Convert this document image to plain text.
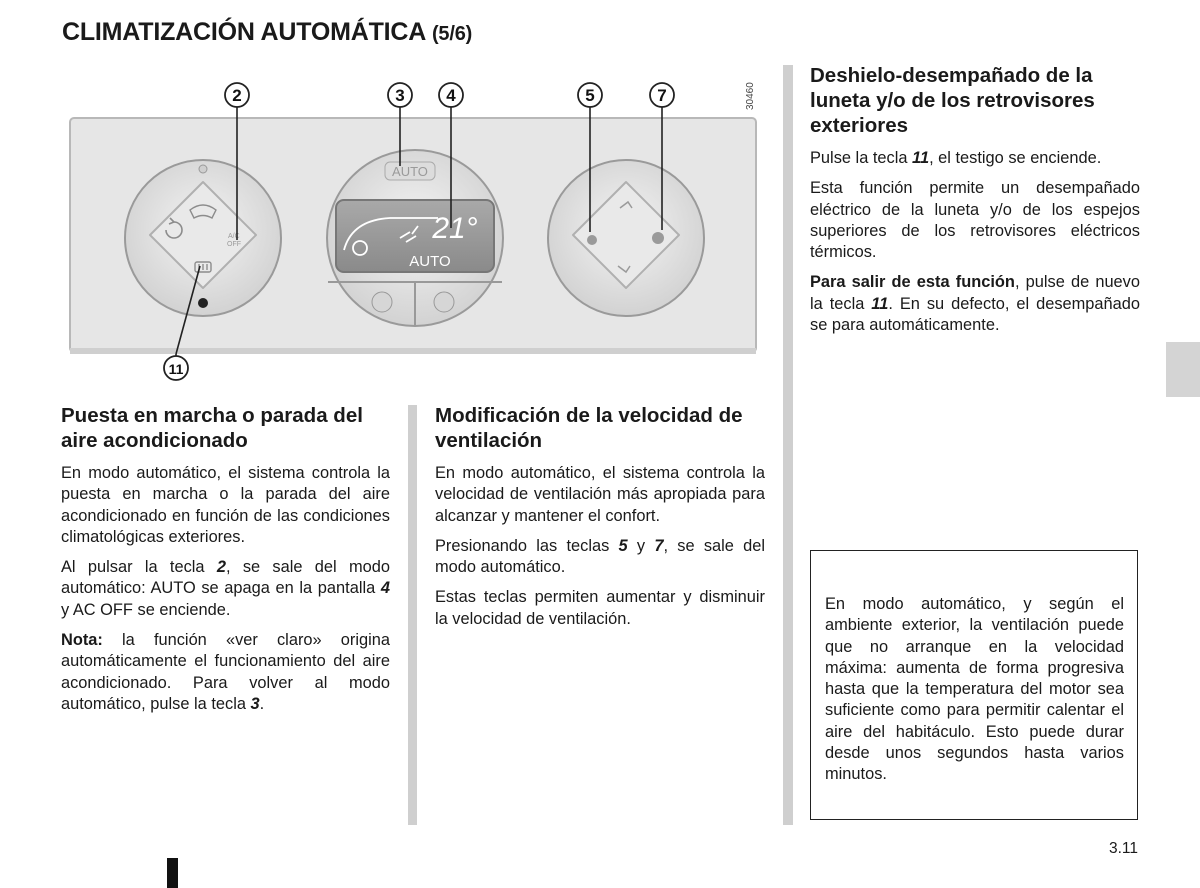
CLIMATIZACIÓN AUTOMÁTICA (5/6)
A/C
OFF
AUTO
21°
AUTO
2	3 4	5	7
11
30460
Puesta en marcha o parada del aire acondicionado

En modo automático, el sistema controla la puesta en marcha o la parada del aire acondicionado en función de las condiciones climatológicas exteriores.

Al pulsar la tecla 2, se sale del modo automático: AUTO se apaga en la pantalla 4 y AC OFF se enciende.

Nota: la función «ver claro» origina automáticamente el funcionamiento del aire acondicionado. Para volver al modo automático, pulse la tecla 3.

Modificación de la velocidad de ventilación

En modo automático, el sistema controla la velocidad de ventilación más apropiada para alcanzar y mantener el confort.

Presionando las teclas 5 y 7, se sale del modo automático.

Estas teclas permiten aumentar y disminuir la velocidad de ventilación.

Deshielo-desempañado de la luneta y/o de los retrovisores exteriores

Pulse la tecla 11, el testigo se enciende.

Esta función permite un desempañado eléctrico de la luneta y/o de los espejos superiores de los retrovisores eléctricos térmicos.

Para salir de esta función, pulse de nuevo la tecla 11. En su defecto, el desempañado se para automáticamente.

En modo automático, y según el ambiente exterior, la ventilación puede que no arranque en la velocidad máxima: aumenta de forma progresiva hasta que la temperatura del motor sea suficiente como para permitir calentar el aire del habitáculo. Esto puede durar desde unos segundos hasta varios minutos.

3.11
